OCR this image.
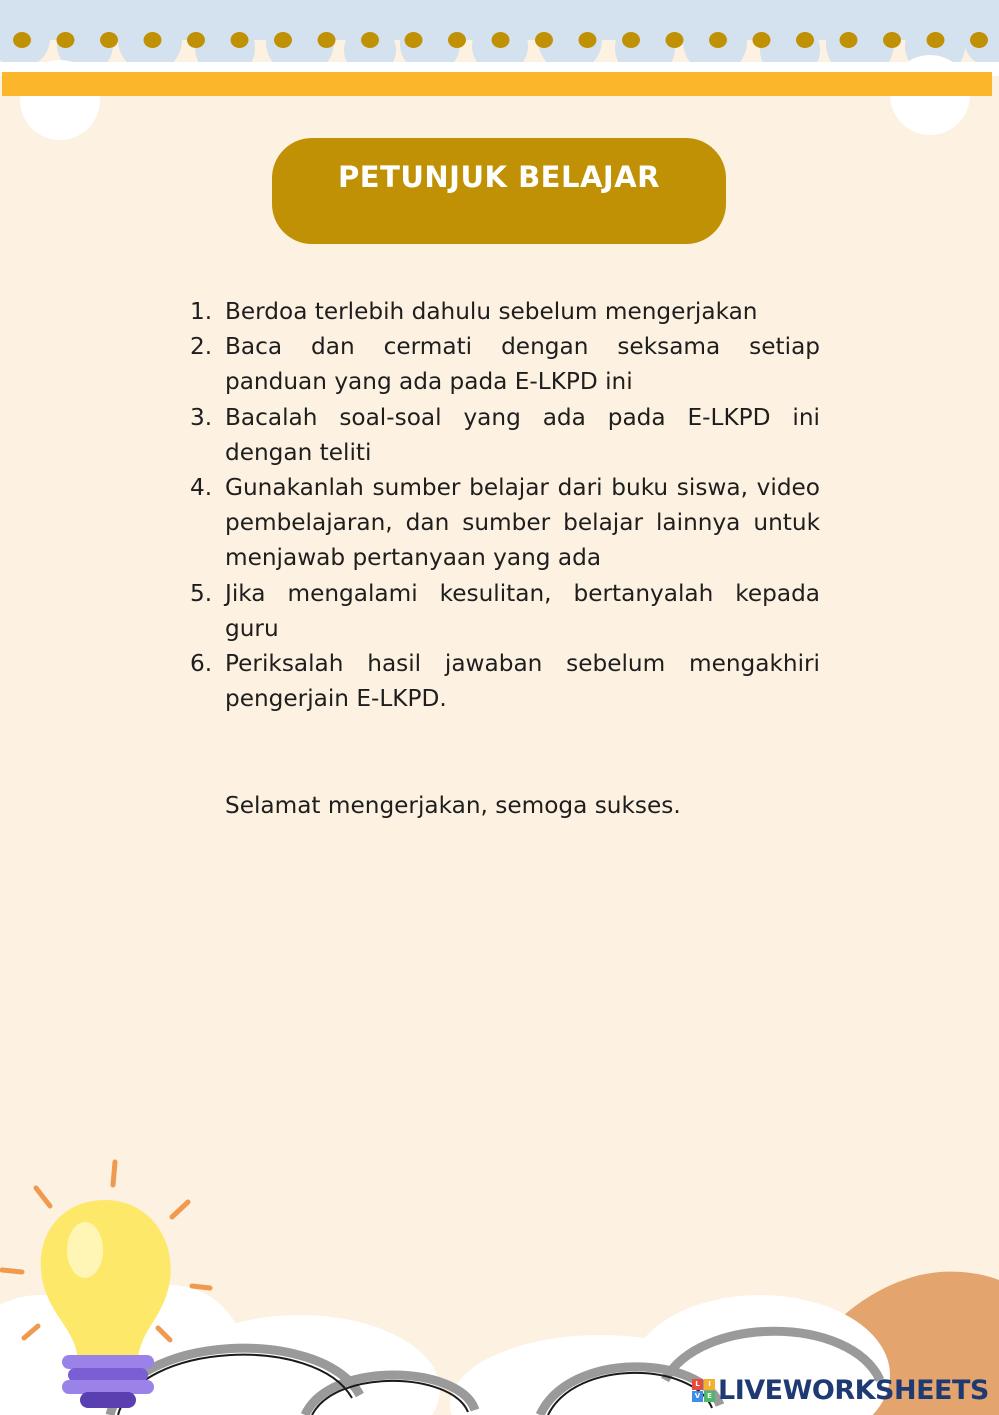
PETUNJUK BELAJAR
1. Berdoa terlebih dahulu sebelum mengerjakan
2. Baca dan cermati dengan seksama setiap panduan yang ada pada E-LKPD ini
3. Bacalah soal-soal yang ada pada E-LKPD ini dengan teliti
4. Gunakanlah sumber belajar dari buku siswa, video pembelajaran, dan sumber belajar lainnya untuk menjawab pertanyaan yang ada
5. Jika mengalami kesulitan, bertanyalah kepada guru
6. Periksalah hasil jawaban sebelum mengakhiri pengerjain E-LKPD.
Selamat mengerjakan, semoga sukses.
L	I
V E LIVEWORKSHEETS
